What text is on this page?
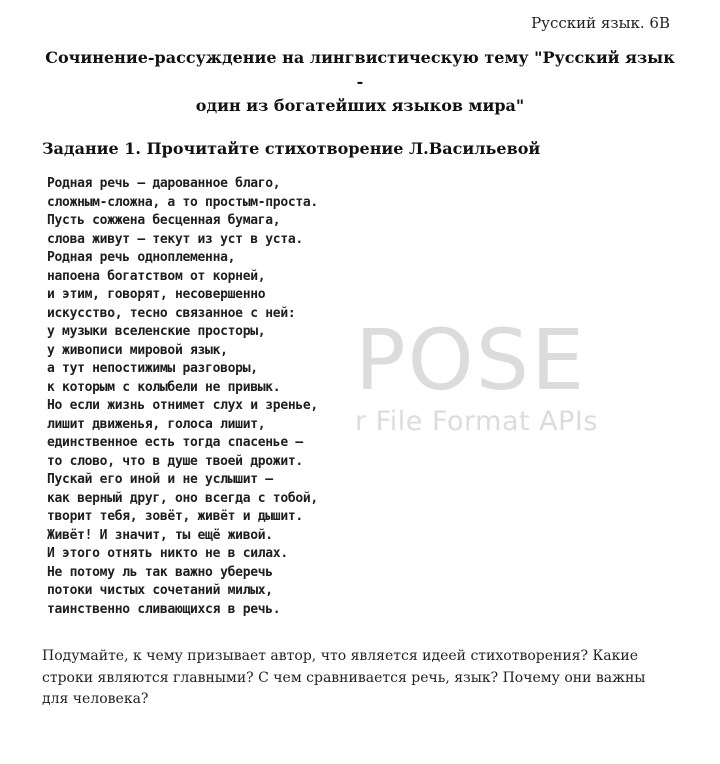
Русский язык. 6В
Сочинение-рассуждение на лингвистическую тему "Русский язык -
один из богатейших языков мира"
Задание 1. Прочитайте стихотворение Л.Васильевой
POSE
r File Format APIs
Родная речь — дарованное благо,
сложным-сложна, а то простым-проста.
Пусть сожжена бесценная бумага,
слова живут — текут из уст в уста.
Родная речь одноплеменна,
напоена богатством от корней,
и этим, говорят, несовершенно
искусство, тесно связанное с ней:
у музыки вселенские просторы,
у живописи мировой язык,
а тут непостижимы разговоры,
к которым с колыбели не привык.
Но если жизнь отнимет слух и зренье,
лишит движенья, голоса лишит,
единственное есть тогда спасенье —
то слово, что в душе твоей дрожит.
Пускай его иной и не услышит —
как верный друг, оно всегда с тобой,
творит тебя, зовёт, живёт и дышит.
Живёт! И значит, ты ещё живой.
И этого отнять никто не в силах.
Не потому ль так важно уберечь
потоки чистых сочетаний милых,
таинственно сливающихся в речь.
Подумайте, к чему призывает автор, что является идеей стихотворения? Какие
строки являются главными? С чем сравнивается речь, язык? Почему они важны
для человека?
